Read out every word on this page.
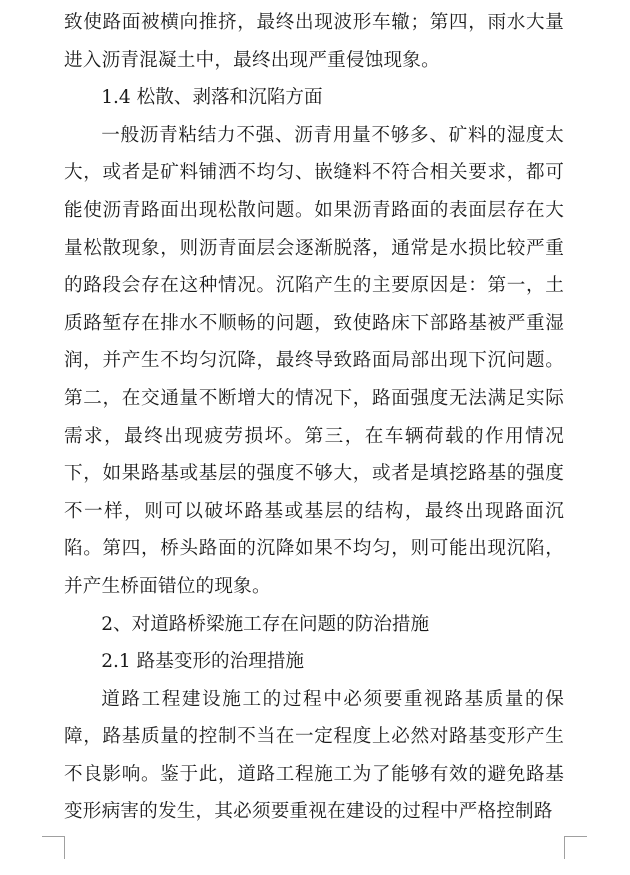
致使路面被横向推挤，最终出现波形车辙；第四，雨水大量进入沥青混凝土中，最终出现严重侵蚀现象。

1.4 松散、剥落和沉陷方面

一般沥青粘结力不强、沥青用量不够多、矿料的湿度太大，或者是矿料铺洒不均匀、嵌缝料不符合相关要求，都可能使沥青路面出现松散问题。如果沥青路面的表面层存在大量松散现象，则沥青面层会逐渐脱落，通常是水损比较严重的路段会存在这种情况。沉陷产生的主要原因是：第一，土质路堑存在排水不顺畅的问题，致使路床下部路基被严重湿润，并产生不均匀沉降，最终导致路面局部出现下沉问题。第二，在交通量不断增大的情况下，路面强度无法满足实际需求，最终出现疲劳损坏。第三，在车辆荷载的作用情况下，如果路基或基层的强度不够大，或者是填挖路基的强度不一样，则可以破坏路基或基层的结构，最终出现路面沉陷。第四，桥头路面的沉降如果不均匀，则可能出现沉陷，并产生桥面错位的现象。

2、对道路桥梁施工存在问题的防治措施

2.1 路基变形的治理措施

道路工程建设施工的过程中必须要重视路基质量的保障，路基质量的控制不当在一定程度上必然对路基变形产生不良影响。鉴于此，道路工程施工为了能够有效的避免路基变形病害的发生，其必须要重视在建设的过程中严格控制路
